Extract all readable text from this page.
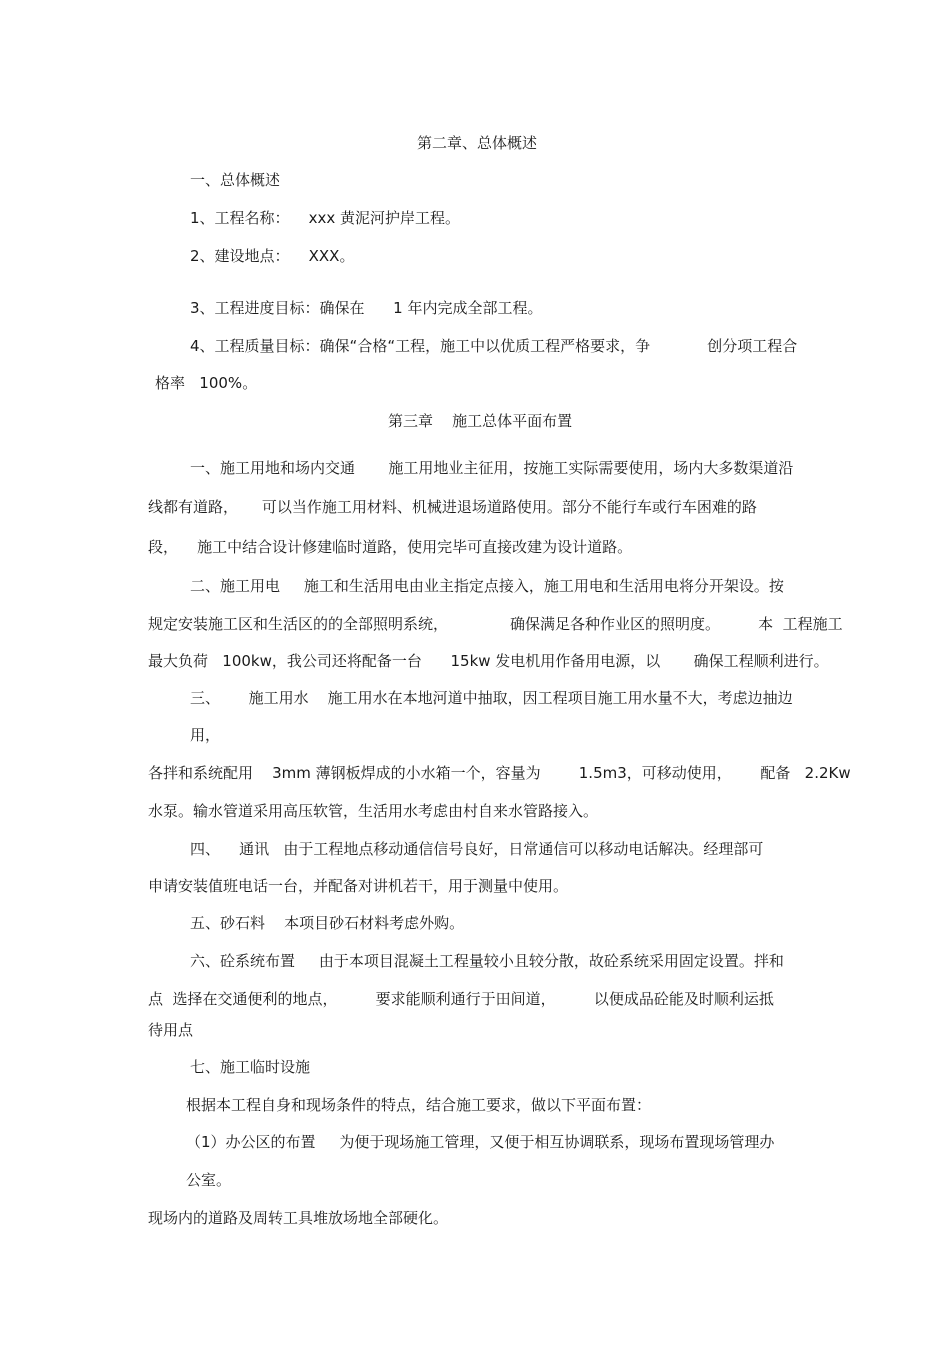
第二章、总体概述
一、总体概述
1、工程名称：    xxx 黄泥河护岸工程。
2、建设地点：    XXX。
3、工程进度目标：确保在      1 年内完成全部工程。
4、工程质量目标：确保“合格“工程，施工中以优质工程严格要求，争            创分项工程合
格率   100%。
第三章    施工总体平面布置
一、施工用地和场内交通       施工用地业主征用，按施工实际需要使用，场内大多数渠道沿
线都有道路，     可以当作施工用材料、机械进退场道路使用。部分不能行车或行车困难的路
段，    施工中结合设计修建临时道路，使用完毕可直接改建为设计道路。
二、施工用电     施工和生活用电由业主指定点接入，施工用电和生活用电将分开架设。按
规定安装施工区和生活区的的全部照明系统，             确保满足各种作业区的照明度。        本  工程施工
最大负荷   100kw，我公司还将配备一台      15kw 发电机用作备用电源，以       确保工程顺利进行。
三、      施工用水    施工用水在本地河道中抽取，因工程项目施工用水量不大，考虑边抽边
用，
各拌和系统配用    3mm 薄钢板焊成的小水箱一个，容量为        1.5m3，可移动使用，      配备   2.2Kw
水泵。输水管道采用高压软管，生活用水考虑由村自来水管路接入。
四、    通讯   由于工程地点移动通信信号良好，日常通信可以移动电话解决。经理部可
申请安装值班电话一台，并配备对讲机若干，用于测量中使用。
五、砂石料    本项目砂石材料考虑外购。
六、砼系统布置     由于本项目混凝土工程量较小且较分散，故砼系统采用固定设置。拌和
点  选择在交通便利的地点，        要求能顺利通行于田间道，        以便成品砼能及时顺利运抵
待用点
七、施工临时设施
根据本工程自身和现场条件的特点，结合施工要求，做以下平面布置：
（1）办公区的布置     为便于现场施工管理，又便于相互协调联系，现场布置现场管理办
公室。
现场内的道路及周转工具堆放场地全部硬化。
